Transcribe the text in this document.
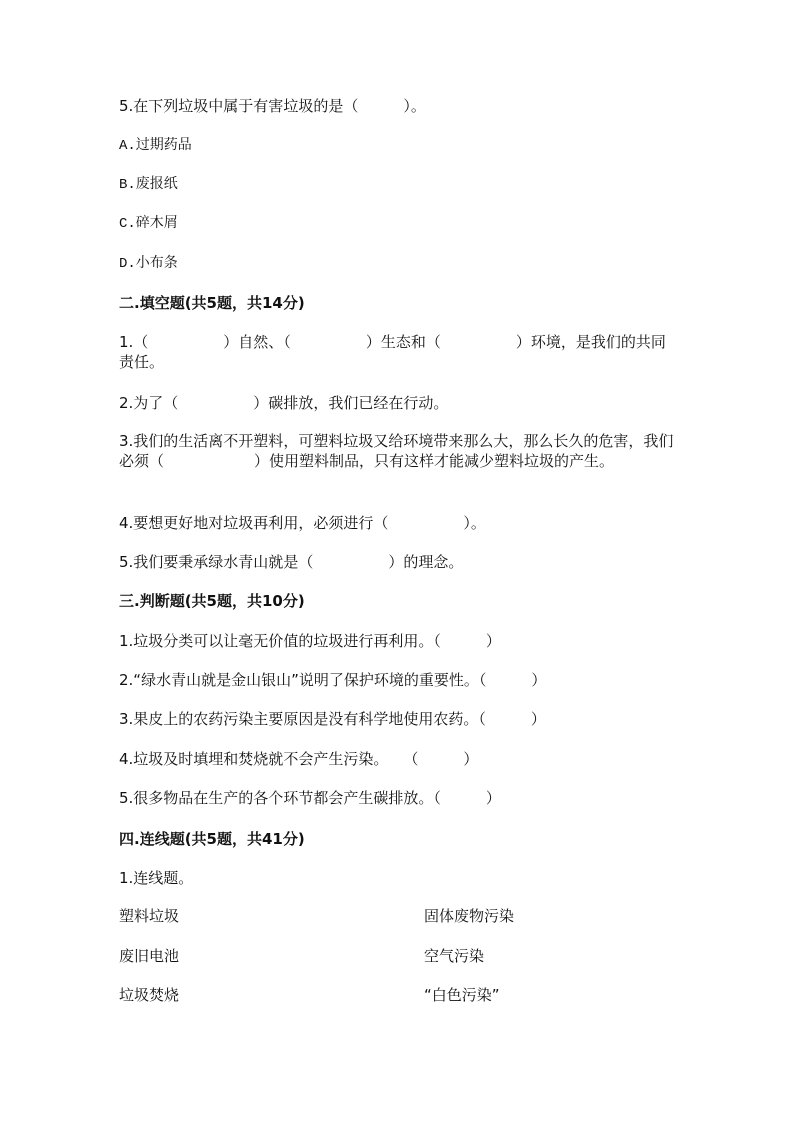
5.在下列垃圾中属于有害垃圾的是（　　　）。
A.过期药品
B.废报纸
C.碎木屑
D.小布条
二.填空题(共5题，共14分)
1.（　　　　　）自然、（　　　　　）生态和（　　　　　）环境，是我们的共同责任。
2.为了（　　　　　）碳排放，我们已经在行动。
3.我们的生活离不开塑料，可塑料垃圾又给环境带来那么大，那么长久的危害，我们必须（　　　　　　）使用塑料制品，只有这样才能减少塑料垃圾的产生。
4.要想更好地对垃圾再利用，必须进行（　　　　　）。
5.我们要秉承绿水青山就是（　　　　　）的理念。
三.判断题(共5题，共10分)
1.垃圾分类可以让毫无价值的垃圾进行再利用。（　　　）
2.“绿水青山就是金山银山”说明了保护环境的重要性。（　　　）
3.果皮上的农药污染主要原因是没有科学地使用农药。（　　　）
4.垃圾及时填埋和焚烧就不会产生污染。　　（　　　）
5.很多物品在生产的各个环节都会产生碳排放。（　　　）
四.连线题(共5题，共41分)
1.连线题。
塑料垃圾	固体废物污染
废旧电池	空气污染
垃圾焚烧	“白色污染”
